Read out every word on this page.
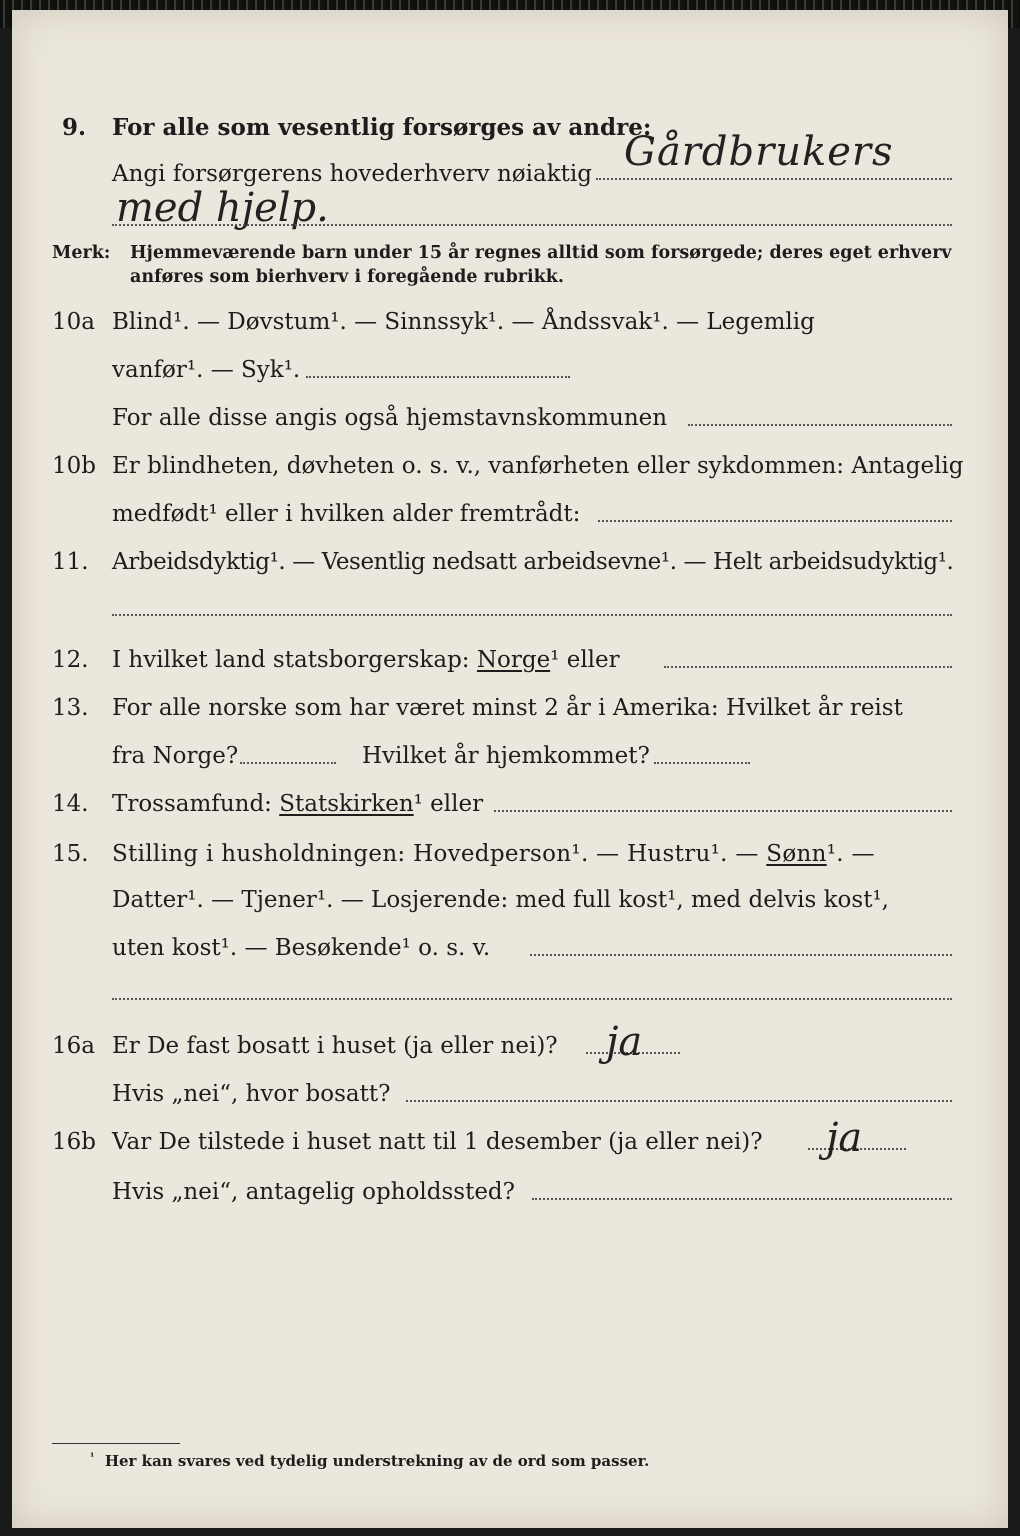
9. For alle som vesentlig forsørges av andre:
Angi forsørgerens hovederhverv nøiaktig Gårdbrukers
med hjelp.
Merk: Hjemmeværende barn under 15 år regnes alltid som forsørgede; deres eget erhverv
anføres som bierhverv i foregående rubrikk.
10a Blind¹. — Døvstum¹. — Sinnssyk¹. — Åndssvak¹. — Legemlig
vanfør¹. — Syk¹.
For alle disse angis også hjemstavnskommunen
10b Er blindheten, døvheten o. s. v., vanførheten eller sykdommen: Antagelig
medfødt¹ eller i hvilken alder fremtrådt:
11. Arbeidsdyktig¹. — Vesentlig nedsatt arbeidsevne¹. — Helt arbeidsudyktig¹.
12. I hvilket land statsborgerskap: Norge¹ eller
13. For alle norske som har været minst 2 år i Amerika: Hvilket år reist
fra Norge?	Hvilket år hjemkommet?
14. Trossamfund: Statskirken¹ eller
15. Stilling i husholdningen: Hovedperson¹. — Hustru¹. — Sønn¹. —
Datter¹. — Tjener¹. — Losjerende: med full kost¹, med delvis kost¹,
uten kost¹. — Besøkende¹ o. s. v.
16a Er De fast bosatt i huset (ja eller nei)? ja
Hvis „nei“, hvor bosatt?
16b Var De tilstede i huset natt til 1 desember (ja eller nei)? ja
Hvis „nei“, antagelig opholdssted?
$^{^1}$ Her kan svares ved tydelig understrekning av de ord som passer.
